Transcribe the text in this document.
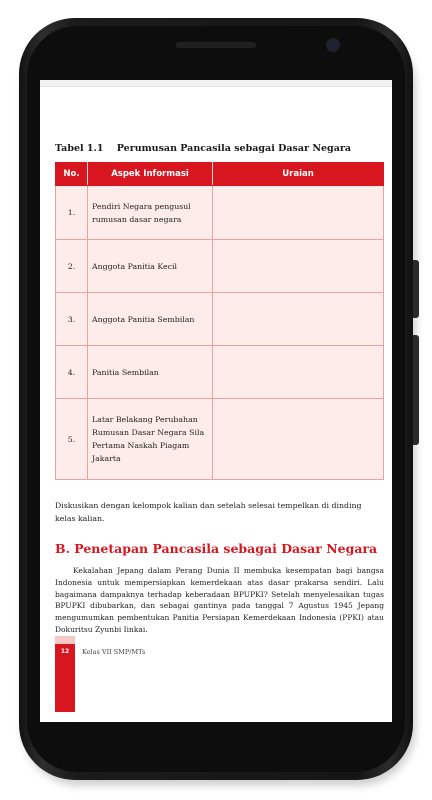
Tabel 1.1 Perumusan Pancasila sebagai Dasar Negara
No.	Aspek Informasi	Uraian
1.	Pendiri Negara pengusul rumusan dasar negara	
2.	Anggota Panitia Kecil	
3.	Anggota Panitia Sembilan	
4.	Panitia Sembilan	
5.	Latar Belakang Perubahan Rumusan Dasar Negara Sila Pertama Naskah Piagam Jakarta	
Diskusikan dengan kelompok kalian dan setelah selesai tempelkan di dinding kelas kalian.
B. Penetapan Pancasila sebagai Dasar Negara
Kekalahan Jepang dalam Perang Dunia II membuka kesempatan bagi bangsa Indonesia untuk mempersiapkan kemerdekaan atas dasar prakarsa sendiri. Lalu bagaimana dampaknya terhadap keberadaan BPUPKI? Setelah menyelesaikan tugas BPUPKI dibubarkan, dan sebagai gantinya pada tanggal 7 Agustus 1945 Jepang mengumumkan pembentukan Panitia Persiapan Kemerdekaan Indonesia (PPKI) atau Dokuritsu Zyunbi Iinkai.
12	Kelas VII SMP/MTs
